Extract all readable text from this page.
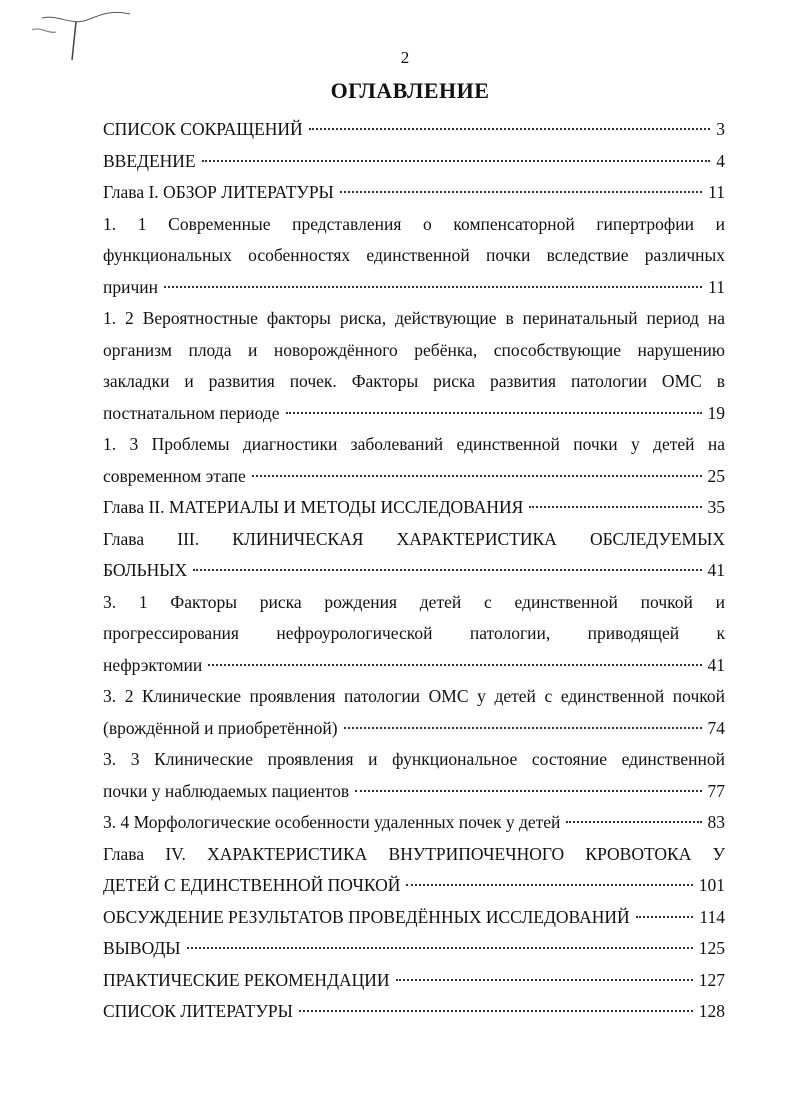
2
ОГЛАВЛЕНИЕ
СПИСОК СОКРАЩЕНИЙ	3
ВВЕДЕНИЕ	4
Глава I. ОБЗОР ЛИТЕРАТУРЫ	11
1. 1 Современные представления о компенсаторной гипертрофии и
функциональных особенностях единственной почки вследствие различных
причин	11
1. 2 Вероятностные факторы риска, действующие в перинатальный период на
организм плода и новорождённого ребёнка, способствующие нарушению
закладки и развития почек. Факторы риска развития патологии ОМС в
постнатальном периоде	19
1. 3 Проблемы диагностики заболеваний единственной почки у детей на
современном этапе	25
Глава II. МАТЕРИАЛЫ И МЕТОДЫ ИССЛЕДОВАНИЯ	35
Глава III. КЛИНИЧЕСКАЯ ХАРАКТЕРИСТИКА ОБСЛЕДУЕМЫХ
БОЛЬНЫХ	41
3. 1 Факторы риска рождения детей с единственной почкой и
прогрессирования нефроурологической патологии, приводящей к
нефрэктомии	41
3. 2 Клинические проявления патологии ОМС у детей с единственной почкой
(врождённой и приобретённой)	74
3. 3 Клинические проявления и функциональное состояние единственной
почки у наблюдаемых пациентов	77
3. 4 Морфологические особенности удаленных почек у детей	83
Глава IV. ХАРАКТЕРИСТИКА ВНУТРИПОЧЕЧНОГО КРОВОТОКА У
ДЕТЕЙ С ЕДИНСТВЕННОЙ ПОЧКОЙ	101
ОБСУЖДЕНИЕ РЕЗУЛЬТАТОВ ПРОВЕДЁННЫХ ИССЛЕДОВАНИЙ	114
ВЫВОДЫ	125
ПРАКТИЧЕСКИЕ РЕКОМЕНДАЦИИ	127
СПИСОК ЛИТЕРАТУРЫ	128
